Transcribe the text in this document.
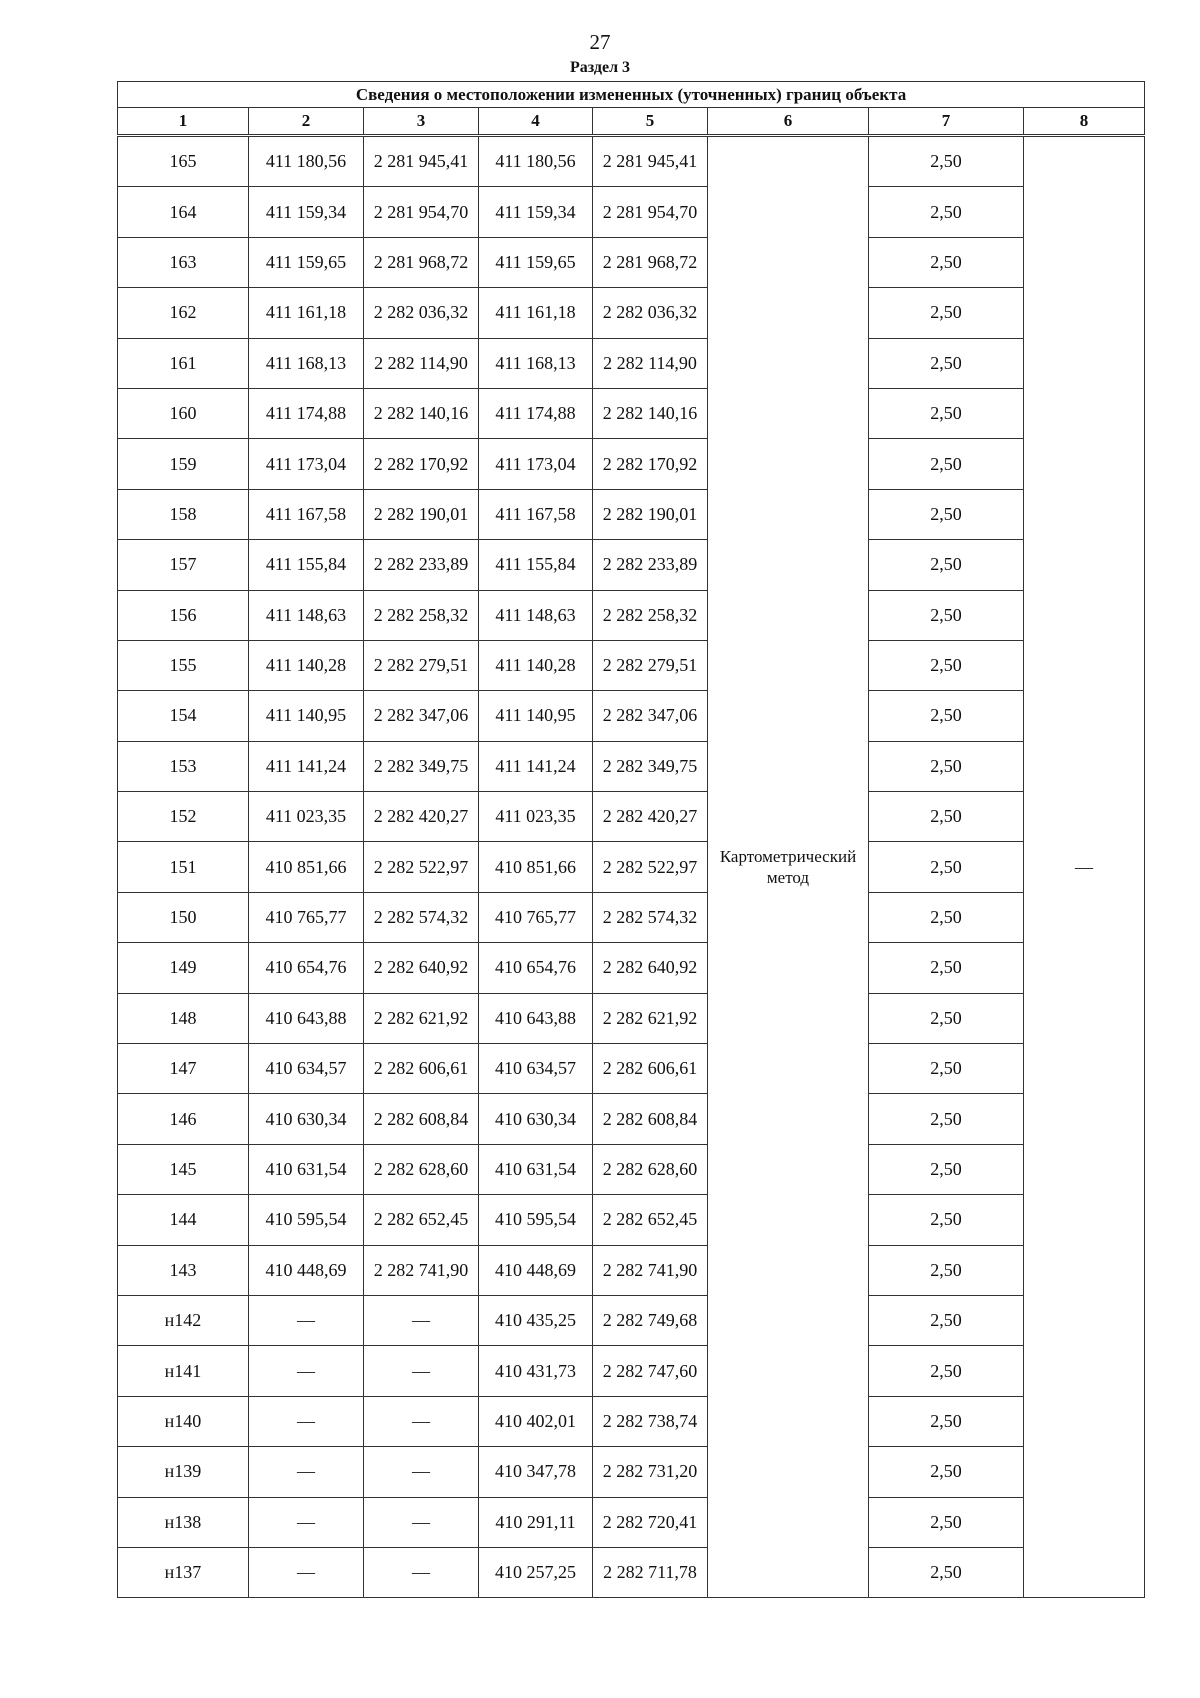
27
Раздел 3
Сведения о местоположении измененных (уточненных) границ объекта							
1	2	3	4	5	6	7	8
165	411 180,56	2 281 945,41	411 180,56	2 281 945,41	Картометрический метод	2,50	—
164	411 159,34	2 281 954,70	411 159,34	2 281 954,70		2,50	
163	411 159,65	2 281 968,72	411 159,65	2 281 968,72		2,50	
162	411 161,18	2 282 036,32	411 161,18	2 282 036,32		2,50	
161	411 168,13	2 282 114,90	411 168,13	2 282 114,90		2,50	
160	411 174,88	2 282 140,16	411 174,88	2 282 140,16		2,50	
159	411 173,04	2 282 170,92	411 173,04	2 282 170,92		2,50	
158	411 167,58	2 282 190,01	411 167,58	2 282 190,01		2,50	
157	411 155,84	2 282 233,89	411 155,84	2 282 233,89		2,50	
156	411 148,63	2 282 258,32	411 148,63	2 282 258,32		2,50	
155	411 140,28	2 282 279,51	411 140,28	2 282 279,51		2,50	
154	411 140,95	2 282 347,06	411 140,95	2 282 347,06		2,50	
153	411 141,24	2 282 349,75	411 141,24	2 282 349,75		2,50	
152	411 023,35	2 282 420,27	411 023,35	2 282 420,27		2,50	
151	410 851,66	2 282 522,97	410 851,66	2 282 522,97		2,50	
150	410 765,77	2 282 574,32	410 765,77	2 282 574,32		2,50	
149	410 654,76	2 282 640,92	410 654,76	2 282 640,92		2,50	
148	410 643,88	2 282 621,92	410 643,88	2 282 621,92		2,50	
147	410 634,57	2 282 606,61	410 634,57	2 282 606,61		2,50	
146	410 630,34	2 282 608,84	410 630,34	2 282 608,84		2,50	
145	410 631,54	2 282 628,60	410 631,54	2 282 628,60		2,50	
144	410 595,54	2 282 652,45	410 595,54	2 282 652,45		2,50	
143	410 448,69	2 282 741,90	410 448,69	2 282 741,90		2,50	
н142	—	—	410 435,25	2 282 749,68		2,50	
н141	—	—	410 431,73	2 282 747,60		2,50	
н140	—	—	410 402,01	2 282 738,74		2,50	
н139	—	—	410 347,78	2 282 731,20		2,50	
н138	—	—	410 291,11	2 282 720,41		2,50	
н137	—	—	410 257,25	2 282 711,78		2,50	
